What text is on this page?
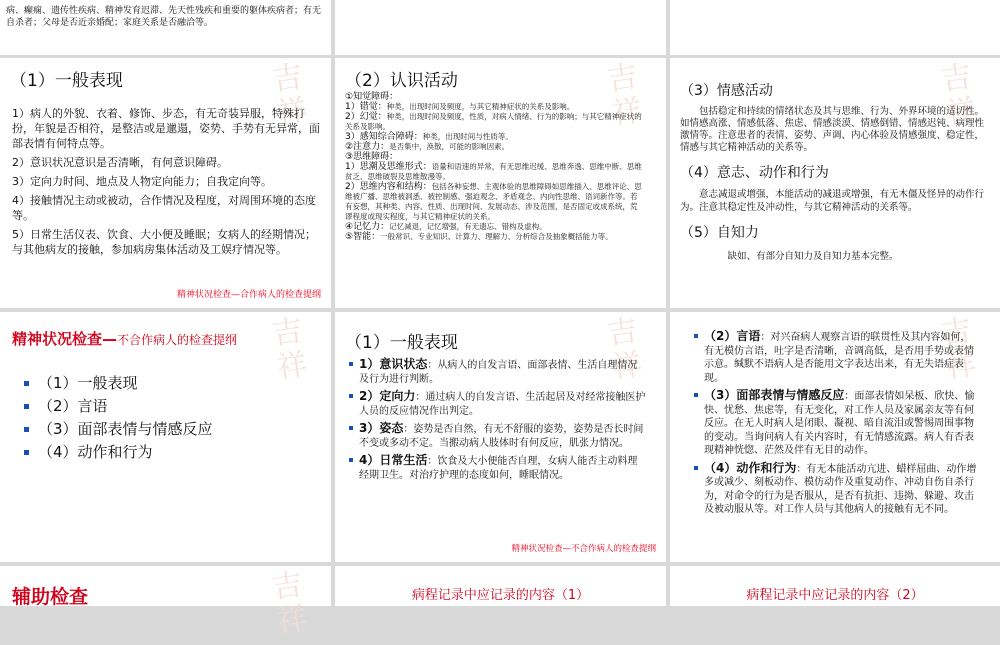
病、癫痫、遗传性疾病、精神发育迟滞、先天性残疾和重要的躯体疾病者；有无自杀者；父母是否近亲婚配；家庭关系是否融洽等。
吉
祥
（1）一般表现

1）病人的外貌、衣着、修饰、步态，有无奇装异服，特殊打扮，年貌是否相符，是整洁或是邋遢，姿势、手势有无异常，面部表情有何特点等。

2）意识状况意识是否清晰，有何意识障碍。

3）定向力时间、地点及人物定向能力；自我定向等。

4）接触情况主动或被动，合作情况及程度，对周围环境的态度等。

5）日常生活仪表、饮食、大小便及睡眠；女病人的经期情况；与其他病友的接触，参加病房集体活动及工娱疗情况等。

精神状况检查—合作病人的检查提纲
吉
祥
（2）认识活动
①知觉障碍：
1）错觉：种类，出现时间及频度，与其它精神症状的关系及影响。
2）幻觉：种类，出现时间及频度，性质，对病人情绪、行为的影响；与其它精神症状的关系及影响。
3）感知综合障碍：种类，出现时间与性质等。
②注意力：是否集中，涣散，可能的影响因素。
③思维障碍：
1）思潮及思维形式：语量和语速的异常，有无思维迟缓、思维奔逸、思维中断、思维贫乏、思维破裂及思维散漫等。
2）思维内容和结构：包括各种妄想、主观体验的思维障碍如思维插入、思维评论、思维被广播、思维被洞悉、被控制感、强迫观念、矛盾观念、内向性思维、语词新作等。若有妄想，其种类、内容、性质、出现时间、发展动态、涉及范围，是否固定或成系统，荒谬程度或现实程度，与其它精神症状的关系。
④记忆力：记忆减退，记忆增强，有无遗忘、错构及虚构。
⑤智能：一般常识、专业知识、计算力、理解力、分析综合及抽象概括能力等。
吉
祥
（3）情感活动
包括稳定和持续的情绪状态及其与思维、行为、外界环境的适切性。如情感高涨、情感低落、焦虑、情感淡漠、情感倒错、情感迟钝、病理性激情等。注意患者的表情、姿势、声调、内心体验及情感强度、稳定性，情感与其它精神活动的关系等。
（4）意志、动作和行为
意志减退或增强，本能活动的减退或增强，有无木僵及怪异的动作行为。注意其稳定性及冲动性，与其它精神活动的关系等。
（5）自知力
缺如、有部分自知力及自知力基本完整。
吉
祥
精神状况检查—不合作病人的检查提纲
（1）一般表现
（2）言语
（3）面部表情与情感反应
（4）动作和行为
吉
祥
（1）一般表现
1）意识状态：从病人的自发言语、面部表情、生活自理情况及行为进行判断。
2）定向力：通过病人的自发言语、生活起居及对经常接触医护人员的反应情况作出判定。
3）姿态：姿势是否自然，有无不舒服的姿势，姿势是否长时间不变或多动不定。当搬动病人肢体时有何反应，肌张力情况。
4）日常生活：饮食及大小便能否自理，女病人能否主动料理经期卫生。对治疗护理的态度如何，睡眠情况。
精神状况检查—不合作病人的检查提纲
吉
祥
（2）言语：对兴奋病人观察言语的联贯性及其内容如何，有无模仿言语，吐字是否清晰，音调高低，是否用手势或表情示意。缄默不语病人是否能用文字表达出来，有无失语症表现。
（3）面部表情与情感反应：面部表情如呆板、欣快、愉快、忧愁、焦虑等，有无变化，对工作人员及家属亲友等有何反应。在无人时病人是闭眼、凝视、暗自流泪或警惕周围事物的变动。当询问病人有关内容时，有无情感流露。病人有否表现精神恍惚、茫然及伴有无目的动作。
（4）动作和行为：有无本能活动亢进、蜡样屈曲、动作增多或减少、刻板动作、模仿动作及重复动作、冲动自伤自杀行为，对命令的行为是否服从，是否有抗拒、违拗、躲避、攻击及被动服从等。对工作人员与其他病人的接触有无不同。
吉
祥
辅助检查	病程记录中应记录的内容（1）	病程记录中应记录的内容（2）
